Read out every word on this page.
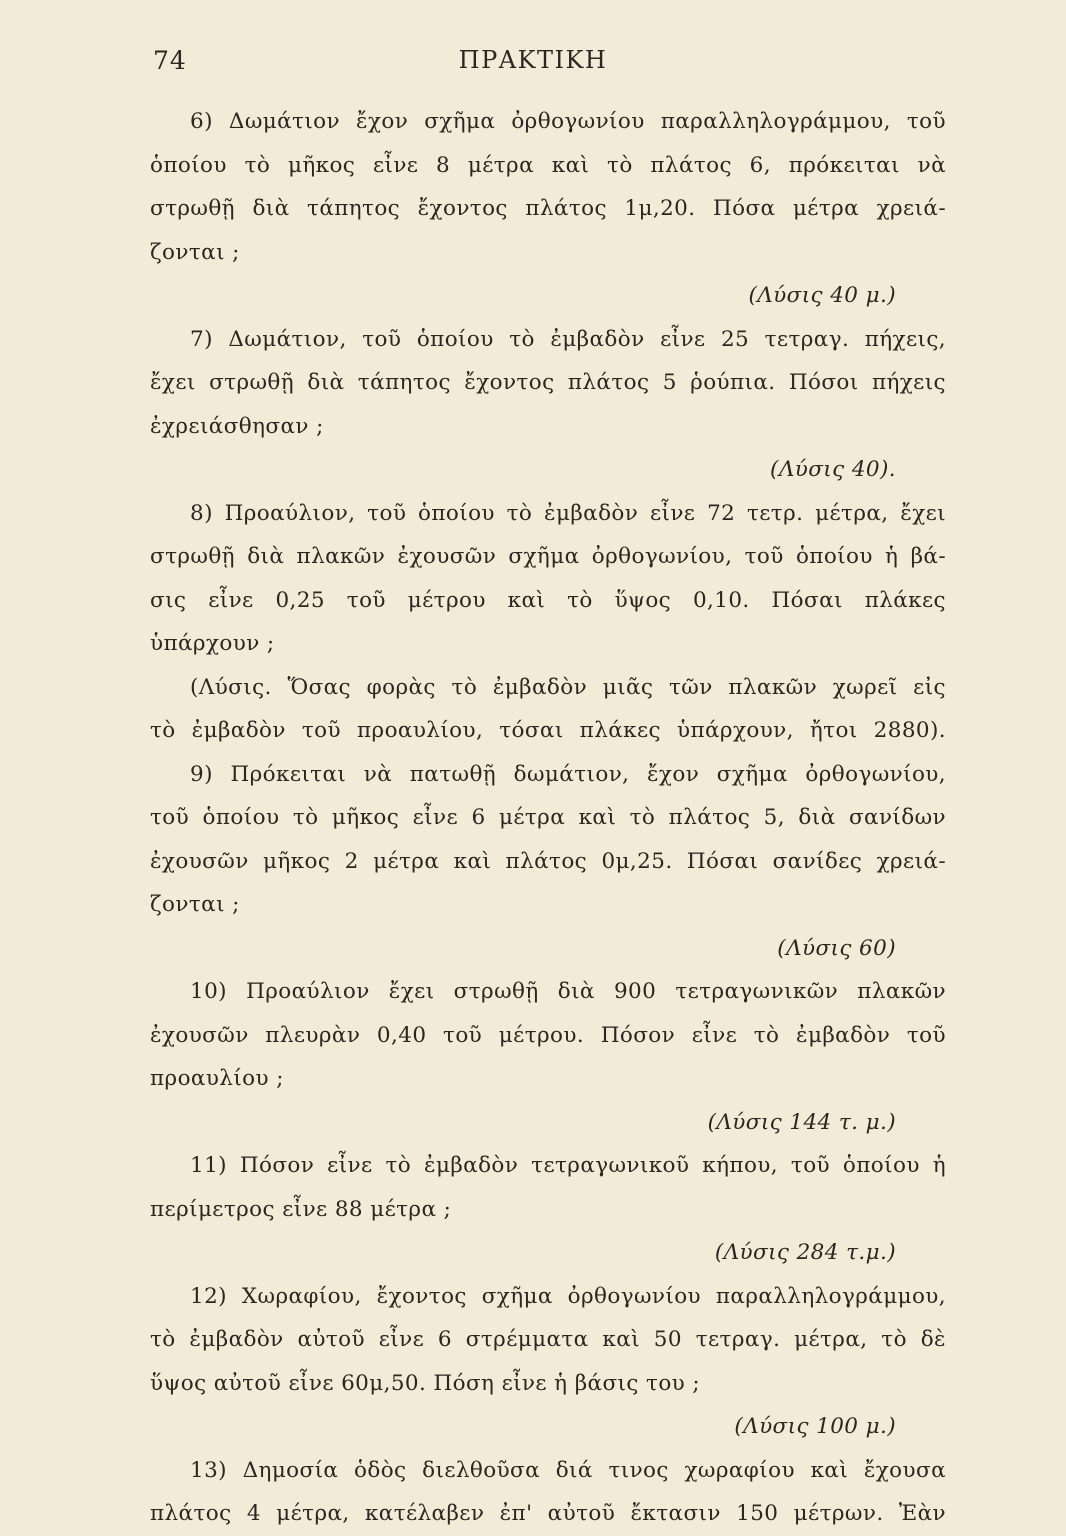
74	ΠΡΑΚΤΙΚΗ
6) Δωμάτιον ἔχον σχῆμα ὀρθογωνίου παραλληλογράμμου, τοῦ
ὁποίου τὸ μῆκος εἶνε 8 μέτρα καὶ τὸ πλάτος 6, πρόκειται νὰ
στρωθῇ διὰ τάπητος ἔχοντος πλάτος 1μ,20. Πόσα μέτρα χρειά-
ζονται ;
(Λύσις 40 μ.)
7) Δωμάτιον, τοῦ ὁποίου τὸ ἐμβαδὸν εἶνε 25 τετραγ. πήχεις,
ἔχει στρωθῇ διὰ τάπητος ἔχοντος πλάτος 5 ῥούπια. Πόσοι πήχεις
ἐχρειάσθησαν ;
(Λύσις 40).
8) Προαύλιον, τοῦ ὁποίου τὸ ἐμβαδὸν εἶνε 72 τετρ. μέτρα, ἔχει
στρωθῇ διὰ πλακῶν ἐχουσῶν σχῆμα ὀρθογωνίου, τοῦ ὁποίου ἡ βά-
σις εἶνε 0,25 τοῦ μέτρου καὶ τὸ ὕψος 0,10. Πόσαι πλάκες
ὑπάρχουν ;
(Λύσις. Ὅσας φορὰς τὸ ἐμβαδὸν μιᾶς τῶν πλακῶν χωρεῖ εἰς
τὸ ἐμβαδὸν τοῦ προαυλίου, τόσαι πλάκες ὑπάρχουν, ἤτοι 2880).
9) Πρόκειται νὰ πατωθῇ δωμάτιον, ἔχον σχῆμα ὀρθογωνίου,
τοῦ ὁποίου τὸ μῆκος εἶνε 6 μέτρα καὶ τὸ πλάτος 5, διὰ σανίδων
ἐχουσῶν μῆκος 2 μέτρα καὶ πλάτος 0μ,25. Πόσαι σανίδες χρειά-
ζονται ;
(Λύσις 60)
10) Προαύλιον ἔχει στρωθῇ διὰ 900 τετραγωνικῶν πλακῶν
ἐχουσῶν πλευρὰν 0,40 τοῦ μέτρου. Πόσον εἶνε τὸ ἐμβαδὸν τοῦ
προαυλίου ;
(Λύσις 144 τ. μ.)
11) Πόσον εἶνε τὸ ἐμβαδὸν τετραγωνικοῦ κήπου, τοῦ ὁποίου ἡ
περίμετρος εἶνε 88 μέτρα ;
(Λύσις 284 τ.μ.)
12) Χωραφίου, ἔχοντος σχῆμα ὀρθογωνίου παραλληλογράμμου,
τὸ ἐμβαδὸν αὐτοῦ εἶνε 6 στρέμματα καὶ 50 τετραγ. μέτρα, τὸ δὲ
ὕψος αὐτοῦ εἶνε 60μ,50. Πόση εἶνε ἡ βάσις του ;
(Λύσις 100 μ.)
13) Δημοσία ὁδὸς διελθοῦσα διά τινος χωραφίου καὶ ἔχουσα
πλάτος 4 μέτρα, κατέλαβεν ἐπ' αὐτοῦ ἔκτασιν 150 μέτρων. Ἐὰν
